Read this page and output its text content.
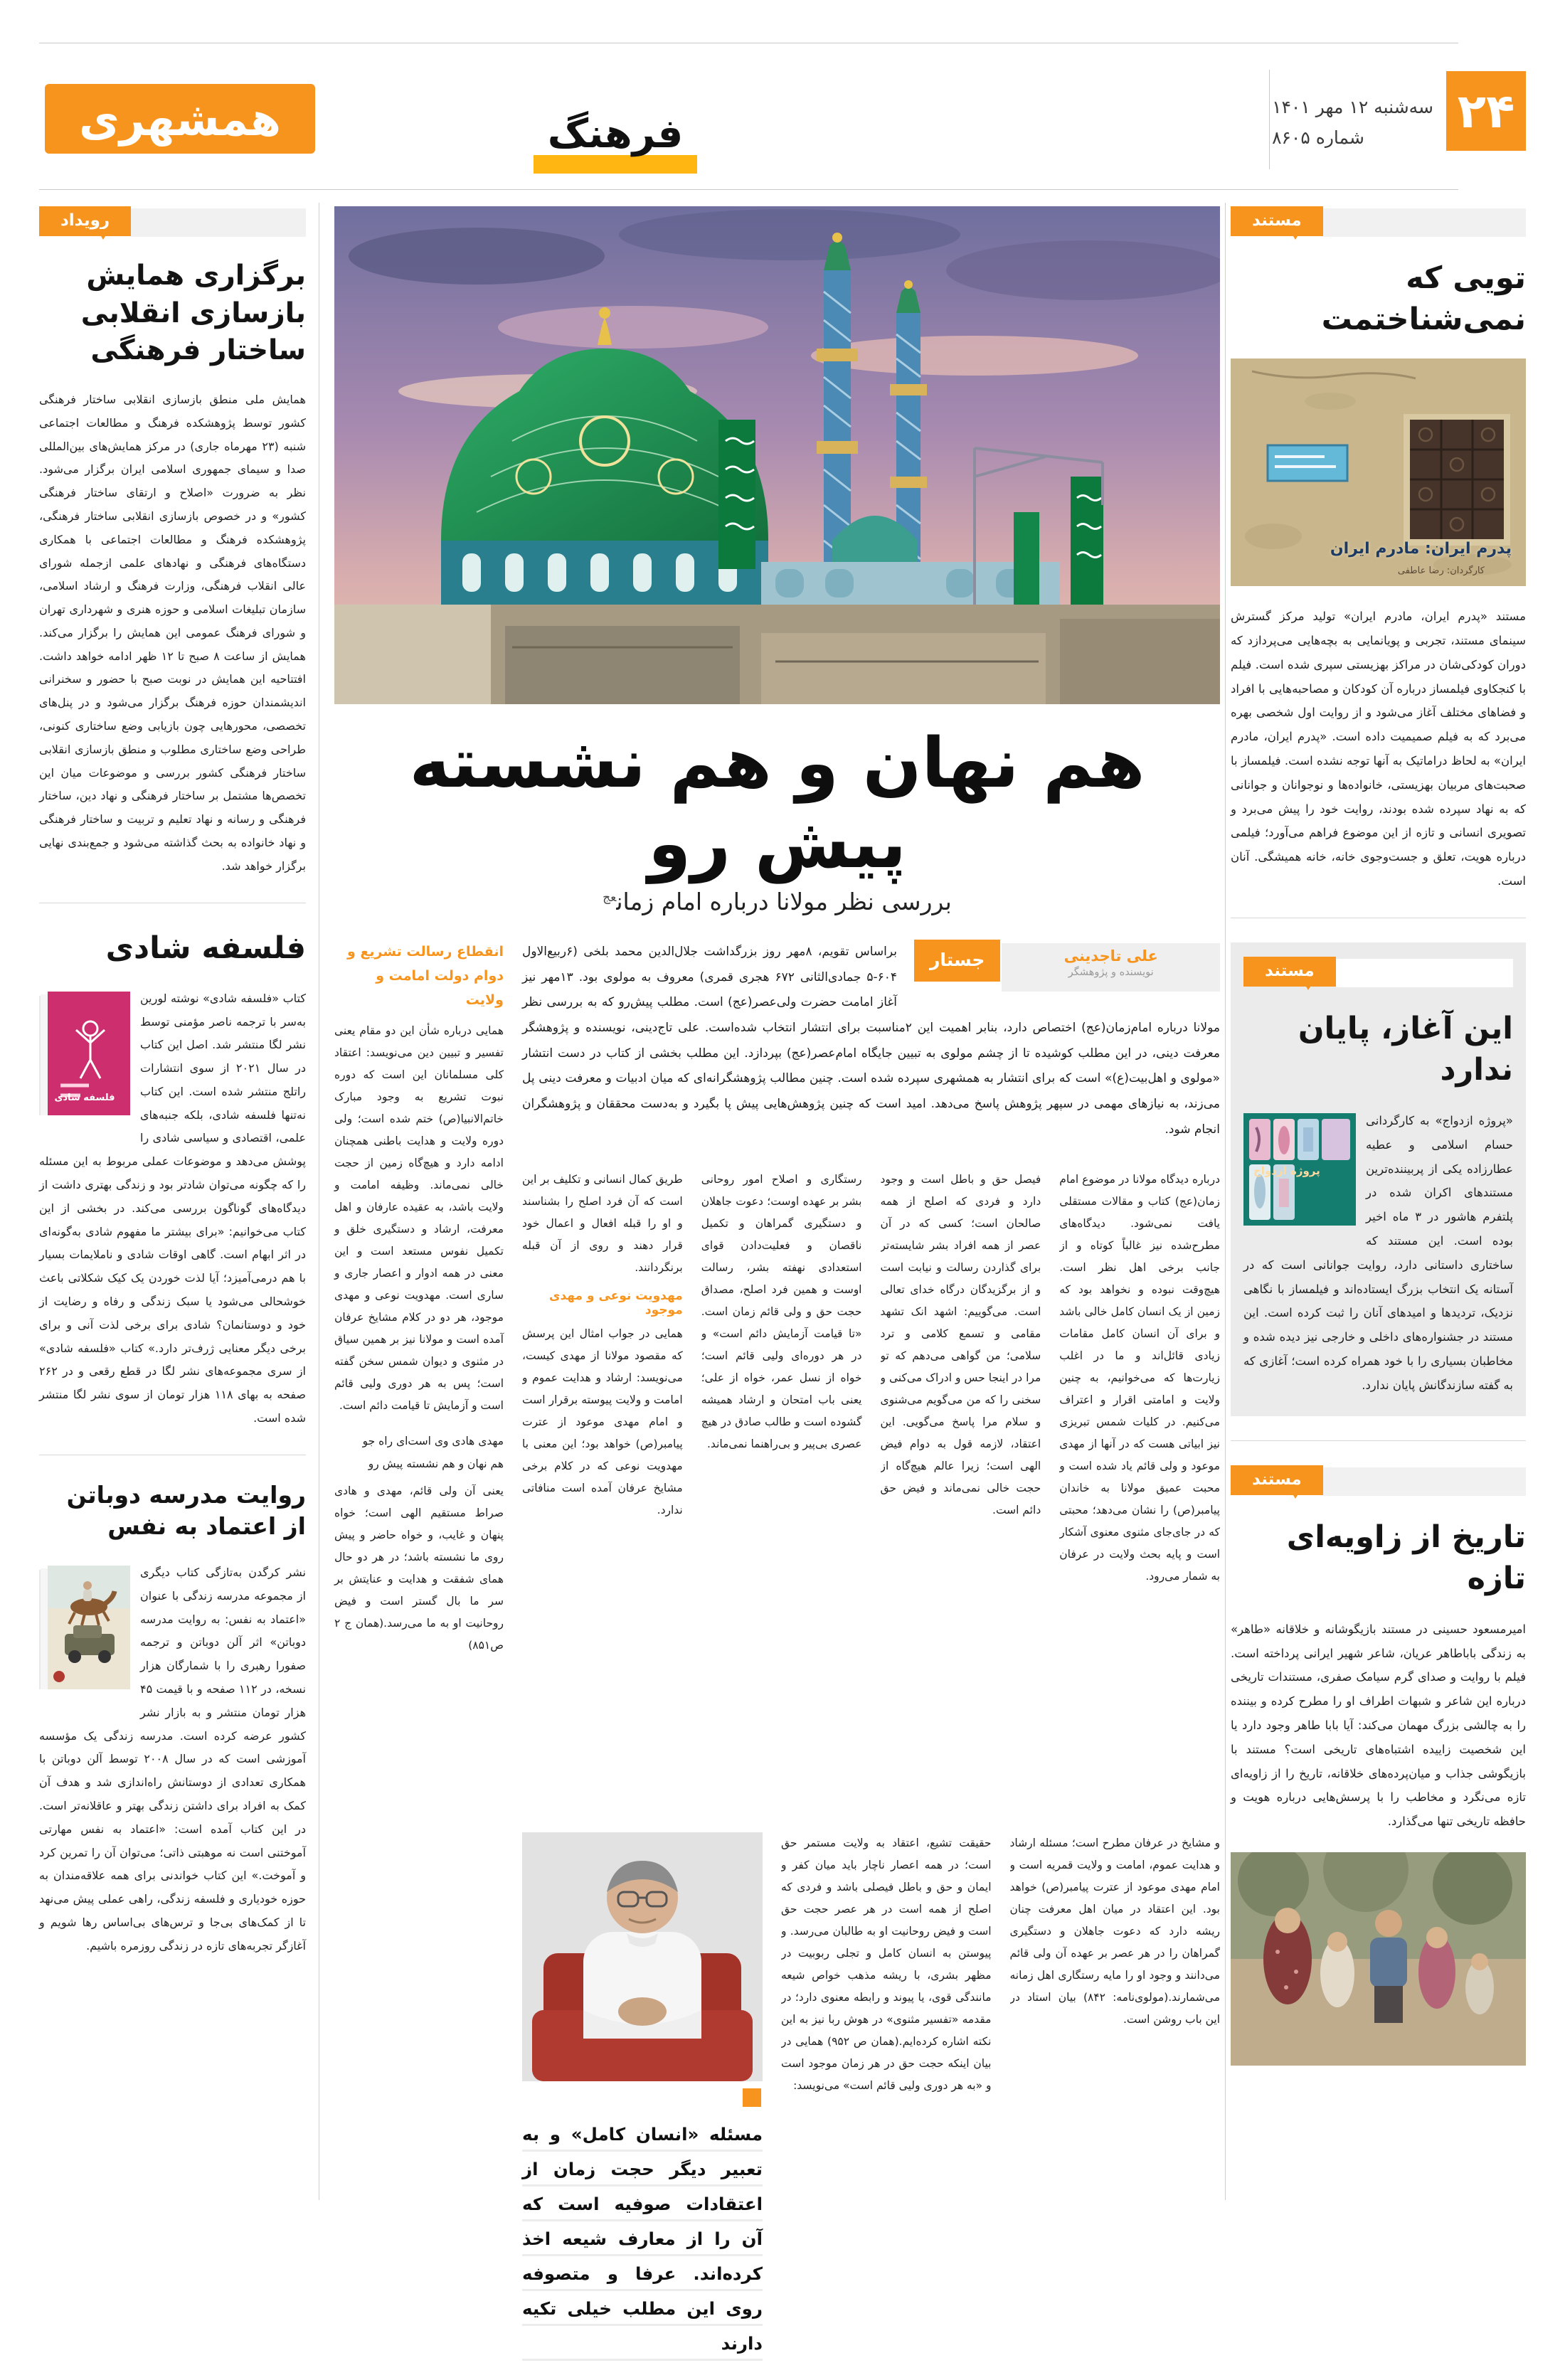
همشهری	فرهنگ
سه‌شنبه ۱۲ مهر ۱۴۰۱
شماره ۸۶۰۵	۲۴
مستند
تویی که نمی‌شناختمت
پدرم ایران: مادرم ایران
کارگردان: رضا عاطفی
مستند «پدرم ایران، مادرم ایران» تولید مرکز گسترش سینمای مستند، تجربی و پویانمایی به بچه‌هایی می‌پردازد که دوران کودکی‌شان در مراکز بهزیستی سپری شده است. فیلم با کنجکاوی فیلمساز درباره آن کودکان و مصاحبه‌هایی با افراد و فضاهای مختلف آغاز می‌شود و از روایت اول شخصی بهره می‌برد که به فیلم صمیمیت داده است. «پدرم ایران، مادرم ایران» به لحاظ دراماتیک به آنها توجه نشده است. فیلمساز با صحبت‌های مربیان بهزیستی، خانواده‌ها و نوجوانان و جوانانی که به نهاد سپرده شده بودند، روایت خود را پیش می‌برد و تصویری انسانی و تازه از این موضوع فراهم می‌آورد؛ فیلمی درباره هویت، تعلق و جست‌وجوی خانه، خانه همیشگی. آنان است.
مستند
این آغاز، پایان ندارد
پروژه ازدواج
«پروژه ازدواج» به کارگردانی حسام اسلامی و عطیه عطارزاده یکی از پربیننده‌ترین مستندهای اکران شده در پلتفرم هاشور در ۳ ماه اخیر بوده است. این مستند که ساختاری داستانی دارد، روایت جوانانی است که در آستانه یک انتخاب بزرگ ایستاده‌اند و فیلمساز با نگاهی نزدیک، تردیدها و امیدهای آنان را ثبت کرده است. این مستند در جشنواره‌های داخلی و خارجی نیز دیده شده و مخاطبان بسیاری را با خود همراه کرده است؛ آغازی که به گفته سازندگانش پایان ندارد.
مستند
تاریخ از زاویه‌ای تازه
امیرمسعود حسینی در مستند بازیگوشانه و خلاقانه «طاهر» به زندگی باباطاهر عریان، شاعر شهیر ایرانی پرداخته است. فیلم با روایت و صدای گرم سیامک صفری، مستندات تاریخی درباره این شاعر و شبهات اطراف او را مطرح کرده و بیننده را به چالشی بزرگ مهمان می‌کند: آیا بابا طاهر وجود دارد یا این شخصیت زاییده اشتباه‌های تاریخی است؟ مستند با بازیگوشی جذاب و میان‌پرده‌های خلاقانه، تاریخ را از زاویه‌ای تازه می‌نگرد و مخاطب را با پرسش‌هایی درباره هویت و حافظه تاریخی تنها می‌گذارد.
رویداد
برگزاری همایش بازسازی انقلابی ساختار فرهنگی
همایش ملی منطق بازسازی انقلابی ساختار فرهنگی کشور توسط پژوهشکده فرهنگ و مطالعات اجتماعی شنبه (۲۳ مهرماه جاری) در مرکز همایش‌های بین‌المللی صدا و سیمای جمهوری اسلامی ایران برگزار می‌شود. نظر به ضرورت «اصلاح و ارتقای ساختار فرهنگی کشور» و در خصوص بازسازی انقلابی ساختار فرهنگی، پژوهشکده فرهنگ و مطالعات اجتماعی با همکاری دستگاه‌های فرهنگی و نهادهای علمی ازجمله شورای عالی انقلاب فرهنگی، وزارت فرهنگ و ارشاد اسلامی، سازمان تبلیغات اسلامی و حوزه هنری و شهرداری تهران و شورای فرهنگ عمومی این همایش را برگزار می‌کند. همایش از ساعت ۸ صبح تا ۱۲ ظهر ادامه خواهد داشت. افتتاحیه این همایش در نوبت صبح با حضور و سخنرانی اندیشمندان حوزه فرهنگ برگزار می‌شود و در پنل‌های تخصصی، محورهایی چون بازیابی وضع ساختاری کنونی، طراحی وضع ساختاری مطلوب و منطق بازسازی انقلابی ساختار فرهنگی کشور بررسی و موضوعات میان این تخصص‌ها مشتمل بر ساختار فرهنگی و نهاد دین، ساختار فرهنگی و رسانه و نهاد تعلیم و تربیت و ساختار فرهنگی و نهاد خانواده به بحث گذاشته می‌شود و جمع‌بندی نهایی برگزار خواهد شد.
فلسفه شادی
فلسفه شادی
کتاب «فلسفه شادی» نوشته لورین به‌سر با ترجمه ناصر مؤمنی توسط نشر لگا منتشر شد. اصل این کتاب در سال ۲۰۲۱ از سوی انتشارات راتلج منتشر شده است. این کتاب نه‌تنها فلسفه شادی، بلکه جنبه‌های علمی، اقتصادی و سیاسی شادی را پوشش می‌دهد و موضوعات عملی مربوط به این مسئله را که چگونه می‌توان شادتر بود و زندگی بهتری داشت از دیدگاه‌های گوناگون بررسی می‌کند. در بخشی از این کتاب می‌خوانیم: «برای بیشتر ما مفهوم شادی به‌گونه‌ای در اثر ابهام است. گاهی اوقات شادی و ناملایمات بسیار با هم درمی‌آمیزد؛ آیا لذت خوردن یک کیک شکلاتی باعث خوشحالی می‌شود یا سبک زندگی و رفاه و رضایت از خود و دوستانمان؟ شادی برای برخی لذت آنی و برای برخی دیگر معنایی ژرف‌تر دارد.» کتاب «فلسفه شادی» از سری مجموعه‌های نشر لگا در قطع رقعی و در ۲۶۲ صفحه به بهای ۱۱۸ هزار تومان از سوی نشر لگا منتشر شده است.
روایت مدرسه دوباتن از اعتماد به نفس
نشر کرگدن به‌تازگی کتاب دیگری از مجموعه مدرسه زندگی با عنوان «اعتماد به نفس: به روایت مدرسه دوباتن» اثر آلن دوباتن و ترجمه صفورا رهبری را با شمارگان هزار نسخه، در ۱۱۲ صفحه و با قیمت ۴۵ هزار تومان منتشر و به بازار نشر کشور عرضه کرده است. مدرسه زندگی یک مؤسسه آموزشی است که در سال ۲۰۰۸ توسط آلن دوباتن با همکاری تعدادی از دوستانش راه‌اندازی شد و هدف آن کمک به افراد برای داشتن زندگی بهتر و عاقلانه‌تر است. در این کتاب آمده است: «اعتماد به نفس مهارتی آموختنی است نه موهبتی ذاتی؛ می‌توان آن را تمرین کرد و آموخت.» این کتاب خواندنی برای همه علاقه‌مندان به حوزه خودیاری و فلسفه زندگی، راهی عملی پیش می‌نهد تا از کمک‌های بی‌جا و ترس‌های بی‌اساس رها شویم و آغازگر تجربه‌های تازه در زندگی روزمره باشیم.
هم نهان و هم نشسته پیش رو
بررسی نظر مولانا درباره امام زمان$^{عج}$
علی تاجدینی
نویسنده و پژوهشگر
جستار
براساس تقویم، ۸مهر روز بزرگداشت جلال‌الدین محمد بلخی (۶ربیع‌الاول ۶۰۴-۵ جمادی‌الثانی ۶۷۲ هجری قمری) معروف به مولوی بود. ۱۳مهر نیز آغاز امامت حضرت ولی‌عصر(عج) است. مطلب پیش‌رو که به بررسی نظر مولانا درباره امام‌زمان(عج) اختصاص دارد، بنابر اهمیت این ۲مناسبت برای انتشار انتخاب شده‌است. علی تاج‌دینی، نویسنده و پژوهشگر معرفت دینی، در این مطلب کوشیده تا از چشم مولوی به تبیین جایگاه امام‌عصر(عج) بپردازد. این مطلب بخشی از کتاب در دست انتشار «مولوی و اهل‌بیت(ع)» است که برای انتشار به همشهری سپرده شده است. چنین مطالب پژوهشگرانه‌ای که میان ادبیات و معرفت دینی پل می‌زند، به نیازهای مهمی در سپهر پژوهش پاسخ می‌دهد. امید است که چنین پژوهش‌هایی پیش پا بگیرد و به‌دست محققان و پژوهشگران انجام شود.
درباره دیدگاه مولانا در موضوع امام زمان(عج) کتاب و مقالات مستقلی یافت نمی‌شود. دیدگاه‌های مطرح‌شده نیز غالباً کوتاه و از جانب برخی اهل نظر است. هیچ‌وقت نبوده و نخواهد بود که زمین از یک انسان کامل خالی باشد و برای آن انسان کامل مقامات زیادی قائل‌اند و ما در اغلب زیارت‌ها که می‌خوانیم، به چنین ولایت و امامتی اقرار و اعتراف می‌کنیم. در کلیات شمس تبریزی نیز ابیاتی هست که در آنها از مهدی موعود و ولی قائم یاد شده است و محبت عمیق مولانا به خاندان پیامبر(ص) را نشان می‌دهد؛ محبتی که در جای‌جای مثنوی معنوی آشکار است و پایه بحث ولایت در عرفان به شمار می‌رود.
فیصل حق و باطل است و وجود دارد و فردی که اصلح از همه صالحان است؛ کسی که در آن عصر از همه افراد بشر شایسته‌تر برای گذاردن رسالت و نیابت است و از برگزیدگان درگاه خدای تعالی است. می‌گوییم: اشهد انک تشهد مقامی و تسمع کلامی و ترد سلامی؛ من گواهی می‌دهم که تو مرا در اینجا حس و ادراک می‌کنی و سخنی را که من می‌گویم می‌شنوی و سلام مرا پاسخ می‌گویی. این اعتقاد، لازمه قول به دوام فیض الهی است؛ زیرا عالم هیچ‌گاه از حجت خالی نمی‌ماند و فیض حق دائم است.
رستگاری و اصلاح امور روحانی بشر بر عهده اوست؛ دعوت جاهلان و دستگیری گمراهان و تکمیل ناقصان و فعلیت‌دادن قوای استعدادی نهفته بشر، رسالت اوست و همین فرد اصلح، مصداق حجت حق و ولی قائم زمان است. «تا قیامت آزمایش دائم است» و در هر دوره‌ای ولیی قائم است؛ خواه از نسل عمر، خواه از علی؛ یعنی باب امتحان و ارشاد همیشه گشوده است و طالب صادق در هیچ عصری بی‌پیر و بی‌راهنما نمی‌ماند.
طریق کمال انسانی و تکلیف بر این است که آن فرد اصلح را بشناسند و او را قبله افعال و اعمال خود قرار دهند و روی از آن قبله برنگردانند.
مهدویت نوعی و مهدی موجود
همایی در جواب امثال این پرسش که مقصود مولانا از مهدی کیست، می‌نویسد: ارشاد و هدایت عموم و امامت و ولایت پیوسته برقرار است و امام مهدی موعود از عترت پیامبر(ص) خواهد بود؛ این معنی با مهدویت نوعی که در کلام برخی مشایخ عرفان آمده است منافاتی ندارد.
و مشایخ در عرفان مطرح است؛ مسئله ارشاد و هدایت عموم، امامت و ولایت قمریه است و امام مهدی موعود از عترت پیامبر(ص) خواهد بود. این اعتقاد در میان اهل معرفت چنان ریشه دارد که دعوت جاهلان و دستگیری گمراهان را در هر عصر بر عهده آن ولی قائم می‌دانند و وجود او را مایه رستگاری اهل زمانه می‌شمارند.(مولوی‌نامه: ۸۴۲) بیان استاد در این باب روشن است.
حقیقت تشیع، اعتقاد به ولایت مستمر حق است؛ در همه اعصار ناچار باید میان کفر و ایمان و حق و باطل فیصلی باشد و فردی که اصلح از همه است در هر عصر حجت حق است و فیض روحانیت او به طالبان می‌رسد. و پیوستن به انسان کامل و تجلی ربوبیت در مظهر بشری، با ریشه مذهب خواص شیعه مانندگی قوی، یا پیوند و رابطه معنوی دارد؛ در مقدمه «تفسیر مثنوی» در هوش ربا نیز به این نکته اشاره کرده‌ایم.(همان ص ۹۵۲) همایی در بیان اینکه حجت حق در هر زمان موجود است و «به هر دوری ولیی قائم است» می‌نویسد:
مسئله «انسان کامل» و به تعبیر دیگر حجت زمان از اعتقادات صوفیه است که آن را از معارف شیعه اخذ کرده‌اند. عرفا و متصوفه روی این مطلب خیلی تکیه دارند
انقطاع رسالت تشریع و دوام دولت امامت و ولایت
همایی درباره شأن این دو مقام یعنی تفسیر و تبیین دین می‌نویسد: اعتقاد کلی مسلمانان این است که دوره نبوت تشریع به وجود مبارک خاتم‌الانبیا(ص) ختم شده است؛ ولی دوره ولایت و هدایت باطنی همچنان ادامه دارد و هیچ‌گاه زمین از حجت خالی نمی‌ماند. وظیفه امامت و ولایت باشد، به عقیده عارفان و اهل معرفت، ارشاد و دستگیری خلق و تکمیل نفوس مستعد است و این معنی در همه ادوار و اعصار جاری و ساری است. مهدویت نوعی و مهدی موجود، هر دو در کلام مشایخ عرفان آمده است و مولانا نیز بر همین سیاق در مثنوی و دیوان شمس سخن گفته است؛ پس به هر دوری ولیی قائم است و آزمایش تا قیامت دائم است.
مهدی هادی وی است‌ای راه جو
هم نهان و هم نشسته پیش رو
یعنی آن ولی قائم، مهدی و هادی صراط مستقیم الهی است؛ خواه پنهان و غایب، و خواه حاضر و پیش روی ما نشسته باشد؛ در هر دو حال همای شفقت و هدایت و عنایتش بر سر ما بال گستر است و فیض روحانیت او به ما می‌رسد.(همان ج ۲ ص۸۵۱)
